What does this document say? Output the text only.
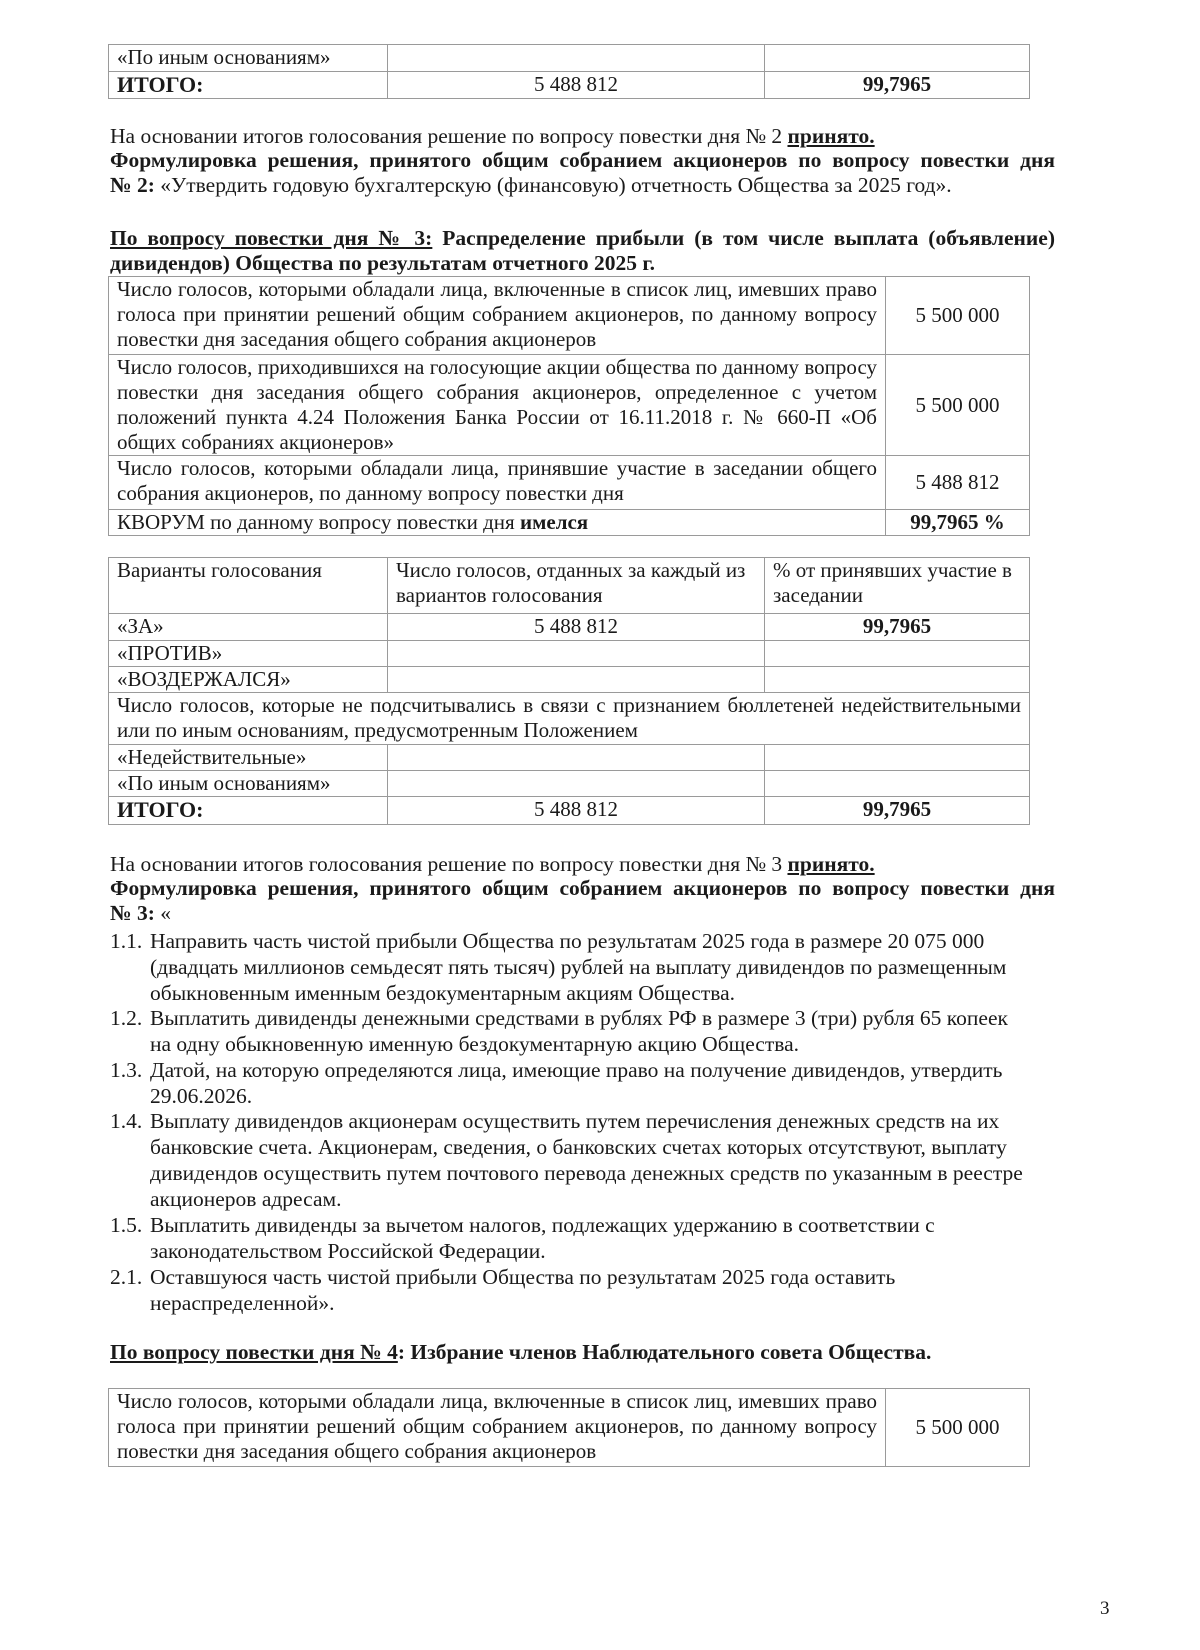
«По иным основаниям»		
ИТОГО:	5 488 812	99,7965
На основании итогов голосования решение по вопросу повестки дня № 2 принято.
Формулировка решения, принятого общим собранием акционеров по вопросу повестки дня
№ 2: «Утвердить годовую бухгалтерскую (финансовую) отчетность Общества за 2025 год».
По вопросу повестки дня № 3: Распределение прибыли (в том числе выплата (объявление)
дивидендов) Общества по результатам отчетного 2025 г.
Число голосов, которыми обладали лица, включенные в список лиц, имевших право голоса при принятии решений общим собранием акционеров, по данному вопросу повестки дня заседания общего собрания акционеров	5 500 000
Число голосов, приходившихся на голосующие акции общества по данному вопросу повестки дня заседания общего собрания акционеров, определенное с учетом положений пункта 4.24 Положения Банка России от 16.11.2018 г. № 660-П «Об общих собраниях акционеров»	5 500 000
Число голосов, которыми обладали лица, принявшие участие в заседании общего собрания акционеров, по данному вопросу повестки дня	5 488 812
КВОРУМ по данному вопросу повестки дня имелся	99,7965 %
Варианты голосования	Число голосов, отданных за каждый из вариантов голосования	% от принявших участие в заседании
«ЗА»	5 488 812	99,7965
«ПРОТИВ»		
«ВОЗДЕРЖАЛСЯ»		
Число голосов, которые не подсчитывались в связи с признанием бюллетеней недействительными или по иным основаниям, предусмотренным Положением		
«Недействительные»		
«По иным основаниям»		
ИТОГО:	5 488 812	99,7965
На основании итогов голосования решение по вопросу повестки дня № 3 принято.
Формулировка решения, принятого общим собранием акционеров по вопросу повестки дня
№ 3: «
1.1. Направить часть чистой прибыли Общества по результатам 2025 года в размере 20 075 000
(двадцать миллионов семьдесят пять тысяч) рублей на выплату дивидендов по размещенным
обыкновенным именным бездокументарным акциям Общества.
1.2. Выплатить дивиденды денежными средствами в рублях РФ в размере 3 (три) рубля 65 копеек
на одну обыкновенную именную бездокументарную акцию Общества.
1.3. Датой, на которую определяются лица, имеющие право на получение дивидендов, утвердить
29.06.2026.
1.4. Выплату дивидендов акционерам осуществить путем перечисления денежных средств на их
банковские счета. Акционерам, сведения, о банковских счетах которых отсутствуют, выплату
дивидендов осуществить путем почтового перевода денежных средств по указанным в реестре
акционеров адресам.
1.5. Выплатить дивиденды за вычетом налогов, подлежащих удержанию в соответствии с
законодательством Российской Федерации.
2.1. Оставшуюся часть чистой прибыли Общества по результатам 2025 года оставить
нераспределенной».
По вопросу повестки дня № 4: Избрание членов Наблюдательного совета Общества.
Число голосов, которыми обладали лица, включенные в список лиц, имевших право голоса при принятии решений общим собранием акционеров, по данному вопросу повестки дня заседания общего собрания акционеров	5 500 000
3
